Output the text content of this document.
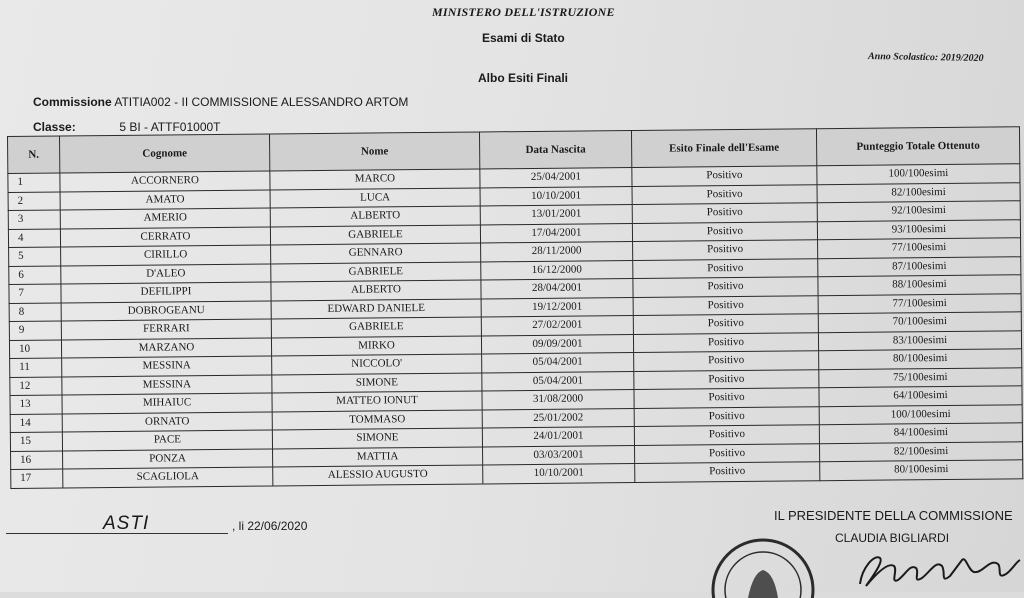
MINISTERO DELL'ISTRUZIONE
Esami di Stato
Anno Scolastico: 2019/2020
Albo Esiti Finali
Commissione ATITIA002 - II COMMISSIONE ALESSANDRO ARTOM
Classe:	5 BI - ATTF01000T
N.	Cognome	Nome	Data Nascita	Esito Finale dell'Esame	Punteggio Totale Ottenuto
1	ACCORNERO	MARCO	25/04/2001	Positivo	100/100esimi
2	AMATO	LUCA	10/10/2001	Positivo	82/100esimi
3	AMERIO	ALBERTO	13/01/2001	Positivo	92/100esimi
4	CERRATO	GABRIELE	17/04/2001	Positivo	93/100esimi
5	CIRILLO	GENNARO	28/11/2000	Positivo	77/100esimi
6	D'ALEO	GABRIELE	16/12/2000	Positivo	87/100esimi
7	DEFILIPPI	ALBERTO	28/04/2001	Positivo	88/100esimi
8	DOBROGEANU	EDWARD DANIELE	19/12/2001	Positivo	77/100esimi
9	FERRARI	GABRIELE	27/02/2001	Positivo	70/100esimi
10	MARZANO	MIRKO	09/09/2001	Positivo	83/100esimi
11	MESSINA	NICCOLO'	05/04/2001	Positivo	80/100esimi
12	MESSINA	SIMONE	05/04/2001	Positivo	75/100esimi
13	MIHAIUC	MATTEO IONUT	31/08/2000	Positivo	64/100esimi
14	ORNATO	TOMMASO	25/01/2002	Positivo	100/100esimi
15	PACE	SIMONE	24/01/2001	Positivo	84/100esimi
16	PONZA	MATTIA	03/03/2001	Positivo	82/100esimi
17	SCAGLIOLA	ALESSIO AUGUSTO	10/10/2001	Positivo	80/100esimi
ASTI	, li 22/06/2020
IL PRESIDENTE DELLA COMMISSIONE
CLAUDIA BIGLIARDI
